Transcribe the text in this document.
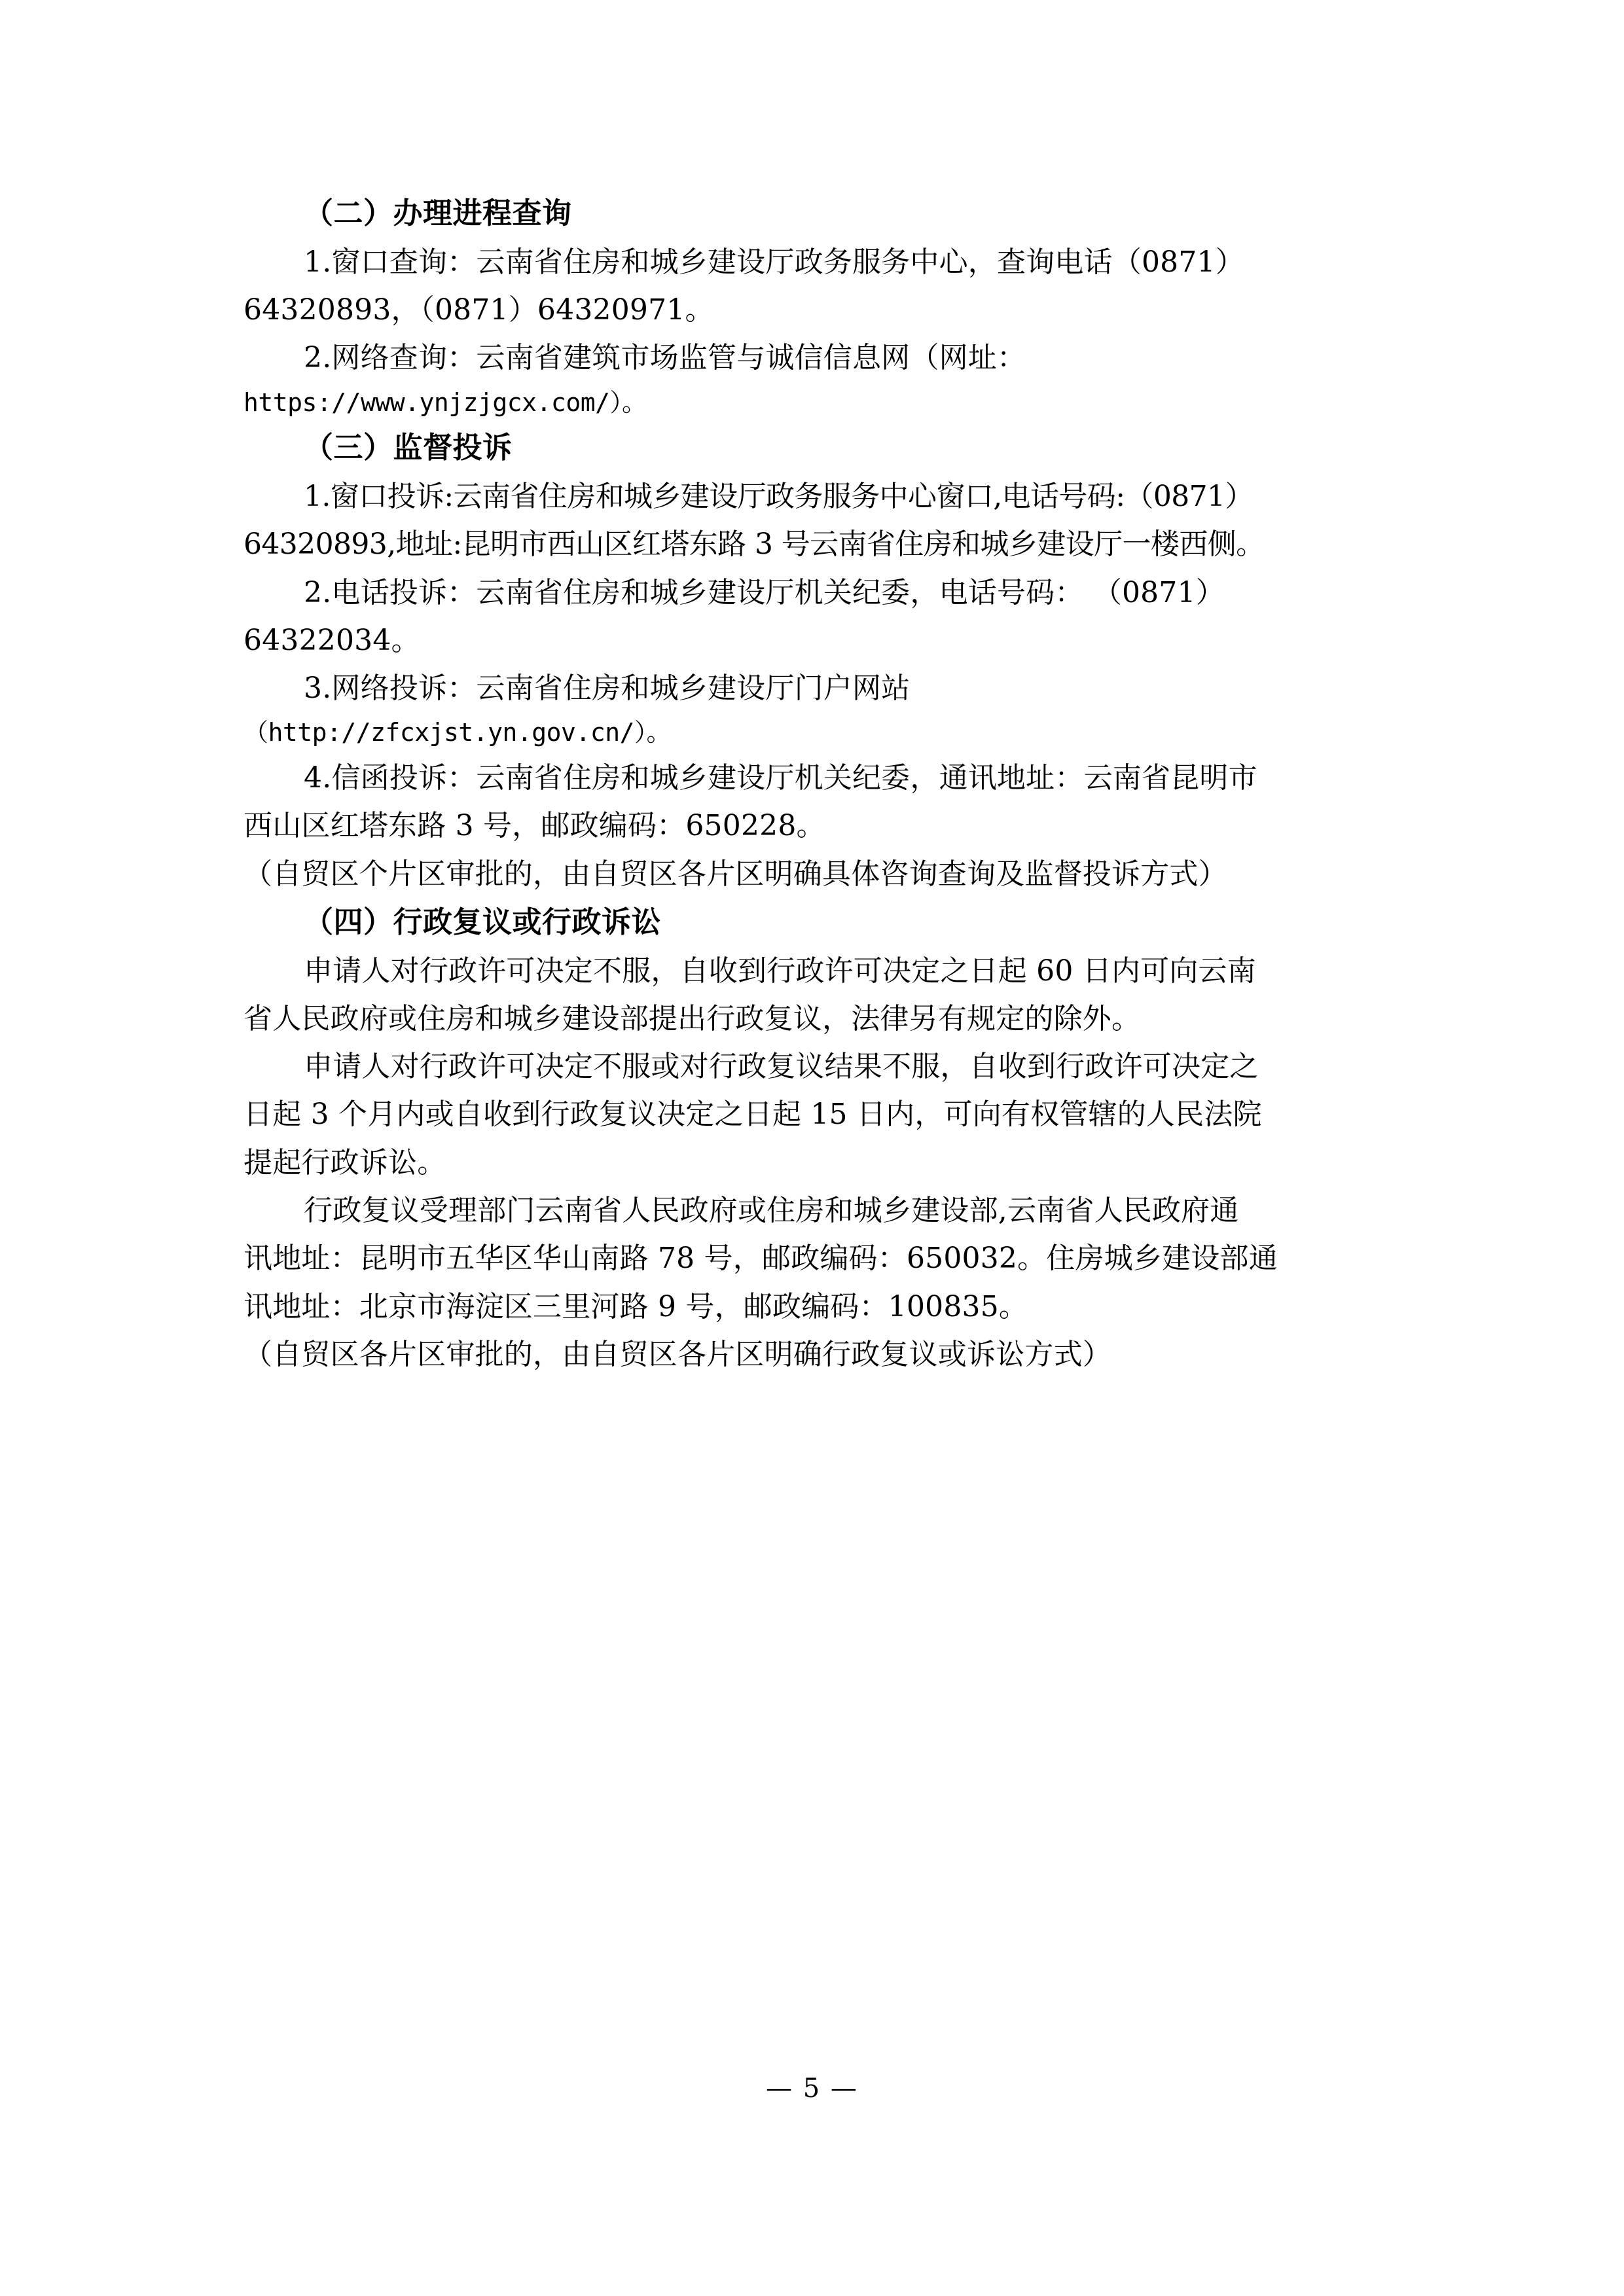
（二）办理进程查询
1.窗口查询：云南省住房和城乡建设厅政务服务中心，查询电话（0871）
64320893，（0871）64320971。
2.网络查询：云南省建筑市场监管与诚信信息网（网址：
https://www.ynjzjgcx.com/）。
（三）监督投诉
1.窗口投诉:云南省住房和城乡建设厅政务服务中心窗口,电话号码:（0871）
64320893,地址:昆明市西山区红塔东路 3 号云南省住房和城乡建设厅一楼西侧。
2.电话投诉：云南省住房和城乡建设厅机关纪委，电话号码： （0871）
64322034。
3.网络投诉：云南省住房和城乡建设厅门户网站
（http://zfcxjst.yn.gov.cn/）。
4.信函投诉：云南省住房和城乡建设厅机关纪委，通讯地址：云南省昆明市
西山区红塔东路 3 号，邮政编码：650228。
（自贸区个片区审批的，由自贸区各片区明确具体咨询查询及监督投诉方式）
（四）行政复议或行政诉讼
申请人对行政许可决定不服，自收到行政许可决定之日起 60 日内可向云南
省人民政府或住房和城乡建设部提出行政复议，法律另有规定的除外。
申请人对行政许可决定不服或对行政复议结果不服，自收到行政许可决定之
日起 3 个月内或自收到行政复议决定之日起 15 日内，可向有权管辖的人民法院
提起行政诉讼。
行政复议受理部门云南省人民政府或住房和城乡建设部,云南省人民政府通
讯地址：昆明市五华区华山南路 78 号，邮政编码：650032。住房城乡建设部通
讯地址：北京市海淀区三里河路 9 号，邮政编码：100835。
（自贸区各片区审批的，由自贸区各片区明确行政复议或诉讼方式）
— 5 —
